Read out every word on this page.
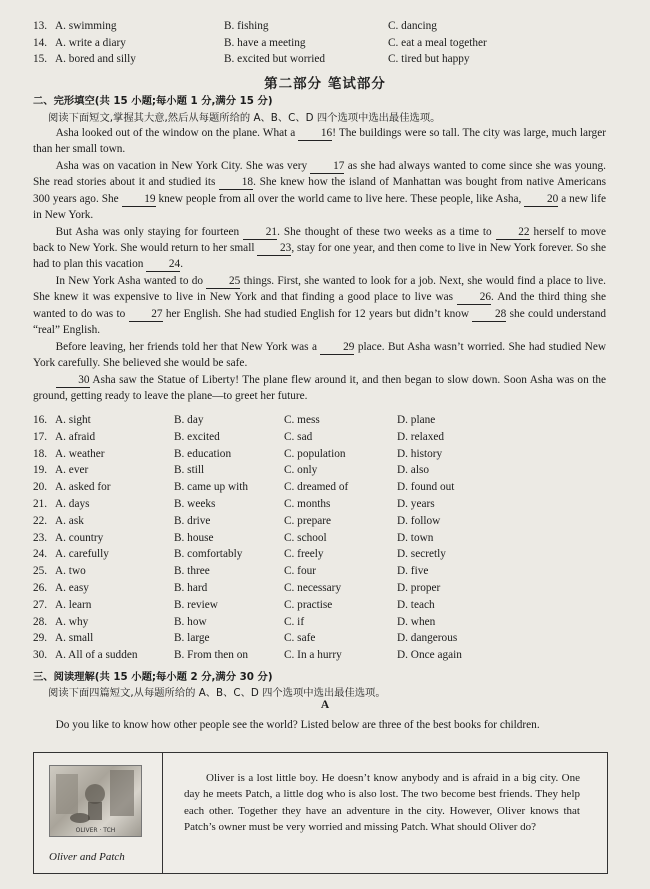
13. A. swimming	B. fishing	C. dancing
14. A. write a diary	B. have a meeting	C. eat a meal together
15. A. bored and silly	B. excited but worried	C. tired but happy
第二部分 笔试部分
二、完形填空(共 15 小题;每小题 1 分,满分 15 分)
阅读下面短文,掌握其大意,然后从每题所给的 A、B、C、D 四个选项中选出最佳选项。

Asha looked out of the window on the plane. What a 16! The buildings were so tall. The city was large, much larger than her small town.

Asha was on vacation in New York City. She was very 17 as she had always wanted to come since she was young. She read stories about it and studied its 18. She knew how the island of Manhattan was bought from native Americans 300 years ago. She 19 knew people from all over the world came to live here. These people, like Asha, 20 a new life in New York.

But Asha was only staying for fourteen 21. She thought of these two weeks as a time to 22 herself to move back to New York. She would return to her small 23, stay for one year, and then come to live in New York forever. So she had to plan this vacation 24.

In New York Asha wanted to do 25 things. First, she wanted to look for a job. Next, she would find a place to live. She knew it was expensive to live in New York and that finding a good place to live was 26. And the third thing she wanted to do was to 27 her English. She had studied English for 12 years but didn’t know 28 she could understand “real” English.

Before leaving, her friends told her that New York was a 29 place. But Asha wasn’t worried. She had studied New York carefully. She believed she would be safe.

30 Asha saw the Statue of Liberty! The plane flew around it, and then began to slow down. Soon Asha was on the ground, getting ready to leave the plane—to greet her future.

16. A. sight	B. day	C. mess	D. plane
17. A. afraid	B. excited	C. sad	D. relaxed
18. A. weather	B. education	C. population	D. history
19. A. ever	B. still	C. only	D. also
20. A. asked for	B. came up with	C. dreamed of	D. found out
21. A. days	B. weeks	C. months	D. years
22. A. ask	B. drive	C. prepare	D. follow
23. A. country	B. house	C. school	D. town
24. A. carefully	B. comfortably	C. freely	D. secretly
25. A. two	B. three	C. four	D. five
26. A. easy	B. hard	C. necessary	D. proper
27. A. learn	B. review	C. practise	D. teach
28. A. why	B. how	C. if	D. when
29. A. small	B. large	C. safe	D. dangerous
30. A. All of a sudden	B. From then on	C. In a hurry	D. Once again
三、阅读理解(共 15 小题;每小题 2 分,满分 30 分)
阅读下面四篇短文,从每题所给的 A、B、C、D 四个选项中选出最佳选项。
A
Do you like to know how other people see the world? Listed below are three of the best books for children.
OLIVER · TCH
Oliver and Patch
Oliver is a lost little boy. He doesn’t know anybody and is afraid in a big city. One day he meets Patch, a little dog who is also lost. The two become best friends. They help each other. Together they have an adventure in the city. However, Oliver knows that Patch’s owner must be very worried and missing Patch. What should Oliver do?
